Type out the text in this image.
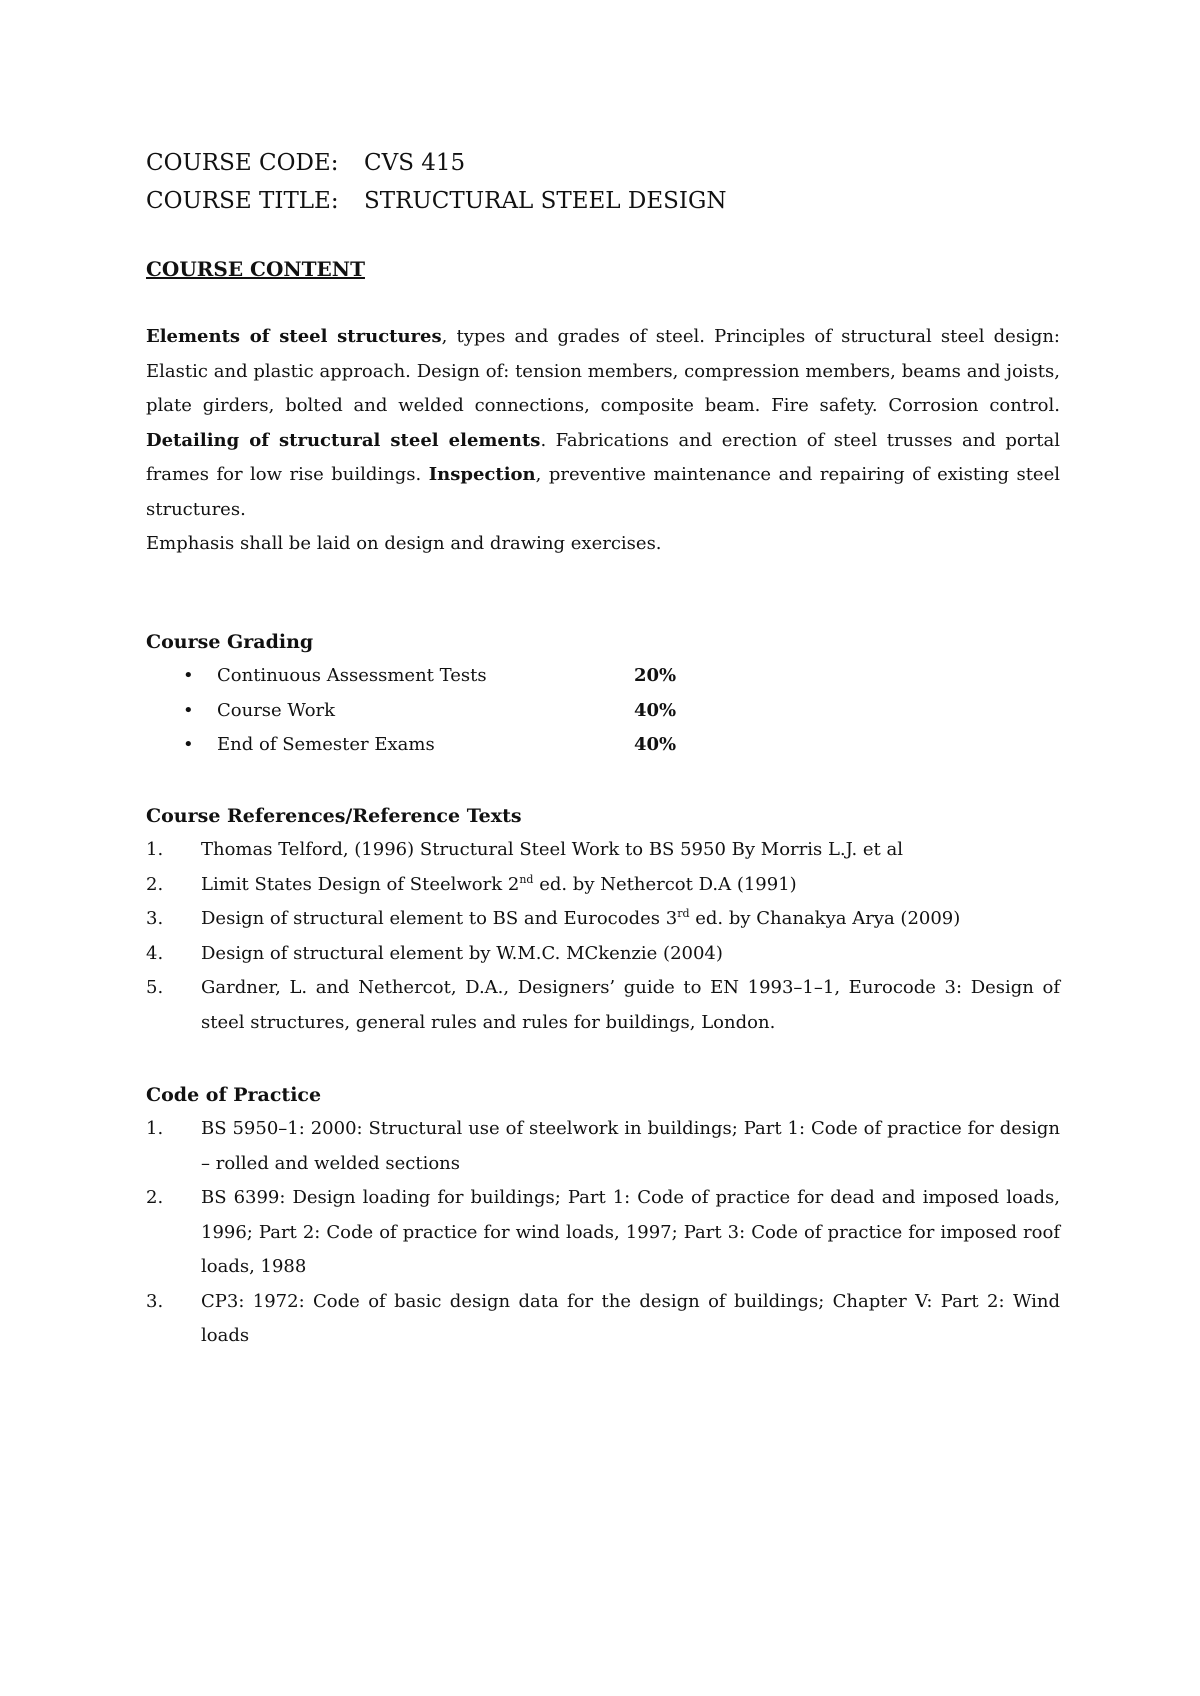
COURSE CODE:	CVS 415
COURSE TITLE:	STRUCTURAL STEEL DESIGN
COURSE CONTENT

Elements of steel structures, types and grades of steel. Principles of structural steel design: Elastic and plastic approach. Design of: tension members, compression members, beams and joists, plate girders, bolted and welded connections, composite beam. Fire safety. Corrosion control. Detailing of structural steel elements. Fabrications and erection of steel trusses and portal frames for low rise buildings. Inspection, preventive maintenance and repairing of existing steel structures.

Emphasis shall be laid on design and drawing exercises.

Course Grading

•	Continuous Assessment Tests	20%
•	Course Work	40%
•	End of Semester Exams	40%

Course References/Reference Texts

1.	Thomas Telford, (1996) Structural Steel Work to BS 5950 By Morris L.J. et al
2.	Limit States Design of Steelwork 2nd ed. by Nethercot D.A (1991)
3.	Design of structural element to BS and Eurocodes 3rd ed. by Chanakya Arya (2009)
4.	Design of structural element by W.M.C. MCkenzie (2004)
5.	Gardner, L. and Nethercot, D.A., Designers’ guide to EN 1993–1–1, Eurocode 3: Design of steel structures, general rules and rules for buildings, London.

Code of Practice

1.	BS 5950–1: 2000: Structural use of steelwork in buildings; Part 1: Code of practice for design – rolled and welded sections
2.	BS 6399: Design loading for buildings; Part 1: Code of practice for dead and imposed loads, 1996; Part 2: Code of practice for wind loads, 1997; Part 3: Code of practice for imposed roof loads, 1988
3.	CP3: 1972: Code of basic design data for the design of buildings; Chapter V: Part 2: Wind loads
